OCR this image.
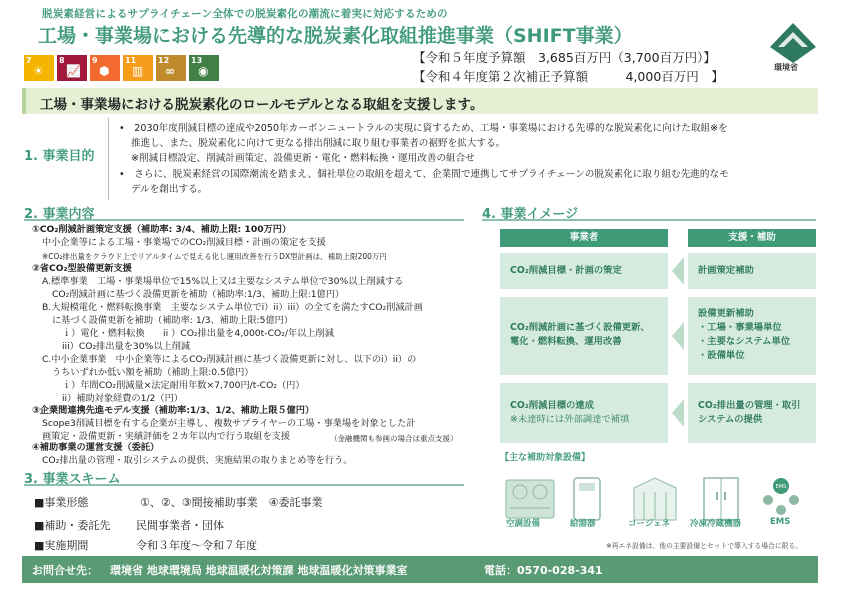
脱炭素経営によるサプライチェーン全体での脱炭素化の潮流に着実に対応するための
工場・事業場における先導的な脱炭素化取組推進事業（SHIFT事業）
【令和５年度予算額　3,685百万円（3,700百万円）】
【令和４年度第２次補正予算額　　　4,000百万円　】
7
☀
8
📈
9
⬢
11
▥
12
∞
13
◉	環境省
工場・事業場における脱炭素化のロールモデルとなる取組を支援します。
1. 事業目的

•　2030年度削減目標の達成や2050年カーボンニュートラルの実現に資するため、工場・事業場における先導的な脱炭素化に向けた取組※を

推進し、また、脱炭素化に向けて更なる排出削減に取り組む事業者の裾野を拡大する。

※削減目標設定、削減計画策定、設備更新・電化・燃料転換・運用改善の組合せ

•　さらに、脱炭素経営の国際潮流を踏まえ、個社単位の取組を超えて、企業間で連携してサプライチェーンの脱炭素化に取り組む先進的なモ

デルを創出する。

2. 事業内容
①CO₂削減計画策定支援（補助率: 3/4、補助上限: 100万円）
中小企業等による工場・事業場でのCO₂削減目標・計画の策定を支援
※CO₂排出量をクラウド上でリアルタイムで見える化し運用改善を行うDX型計画は、補助上限200万円
②省CO₂型設備更新支援
A.標準事業　工場・事業場単位で15%以上又は主要なシステム単位で30%以上削減する
CO₂削減計画に基づく設備更新を補助（補助率:1/3、補助上限:1億円）
B.大規模電化・燃料転換事業　主要なシステム単位でi）ii）iii）の全てを満たすCO₂削減計画
に基づく設備更新を補助（補助率: 1/3、補助上限:5億円）
ｉ）電化・燃料転換　　ii ）CO₂排出量を4,000t-CO₂/年以上削減
iii）CO₂排出量を30%以上削減
C.中小企業事業　中小企業等によるCO₂削減計画に基づく設備更新に対し、以下のi）ii）の
うちいずれか低い額を補助（補助上限:0.5億円）
ｉ）年間CO₂削減量×法定耐用年数×7,700円/t-CO₂（円）
ii）補助対象経費の1/2（円）
③企業間連携先進モデル支援（補助率:1/3、1/2、補助上限５億円）
Scope3削減目標を有する企業が主導し、複数サプライヤーの工場・事業場を対象とした計
画策定・設備更新・実績評価を２カ年以内で行う取組を支援	（金融機関も参画の場合は重点支援）
④補助事業の運営支援（委託）
CO₂排出量の管理・取引システムの提供、実施結果の取りまとめ等を行う。
3. 事業スキーム
■事業形態	①、②、③間接補助事業　④委託事業
■補助・委託先 民間事業者・団体
■実施期間	令和３年度～令和７年度
4. 事業イメージ
事業者	支援・補助
CO₂削減目標・計画の策定
CO₂削減計画に基づく設備更新、
電化・燃料転換、運用改善
CO₂削減目標の達成
※未達時には外部調達で補填
計画策定補助
設備更新補助
・工場・事業場単位
・主要なシステム単位
・設備単位
CO₂排出量の管理・取引
システムの提供
【主な補助対象設備】
空調設備	給湯器	コージェネ 冷凍冷蔵機器
EMS
EMS
※再エネ設備は、他の主要設備とセットで導入する場合に限る。
お問合せ先： 環境省 地球環境局 地球温暖化対策課 地球温暖化対策事業室	電話：0570-028-341
